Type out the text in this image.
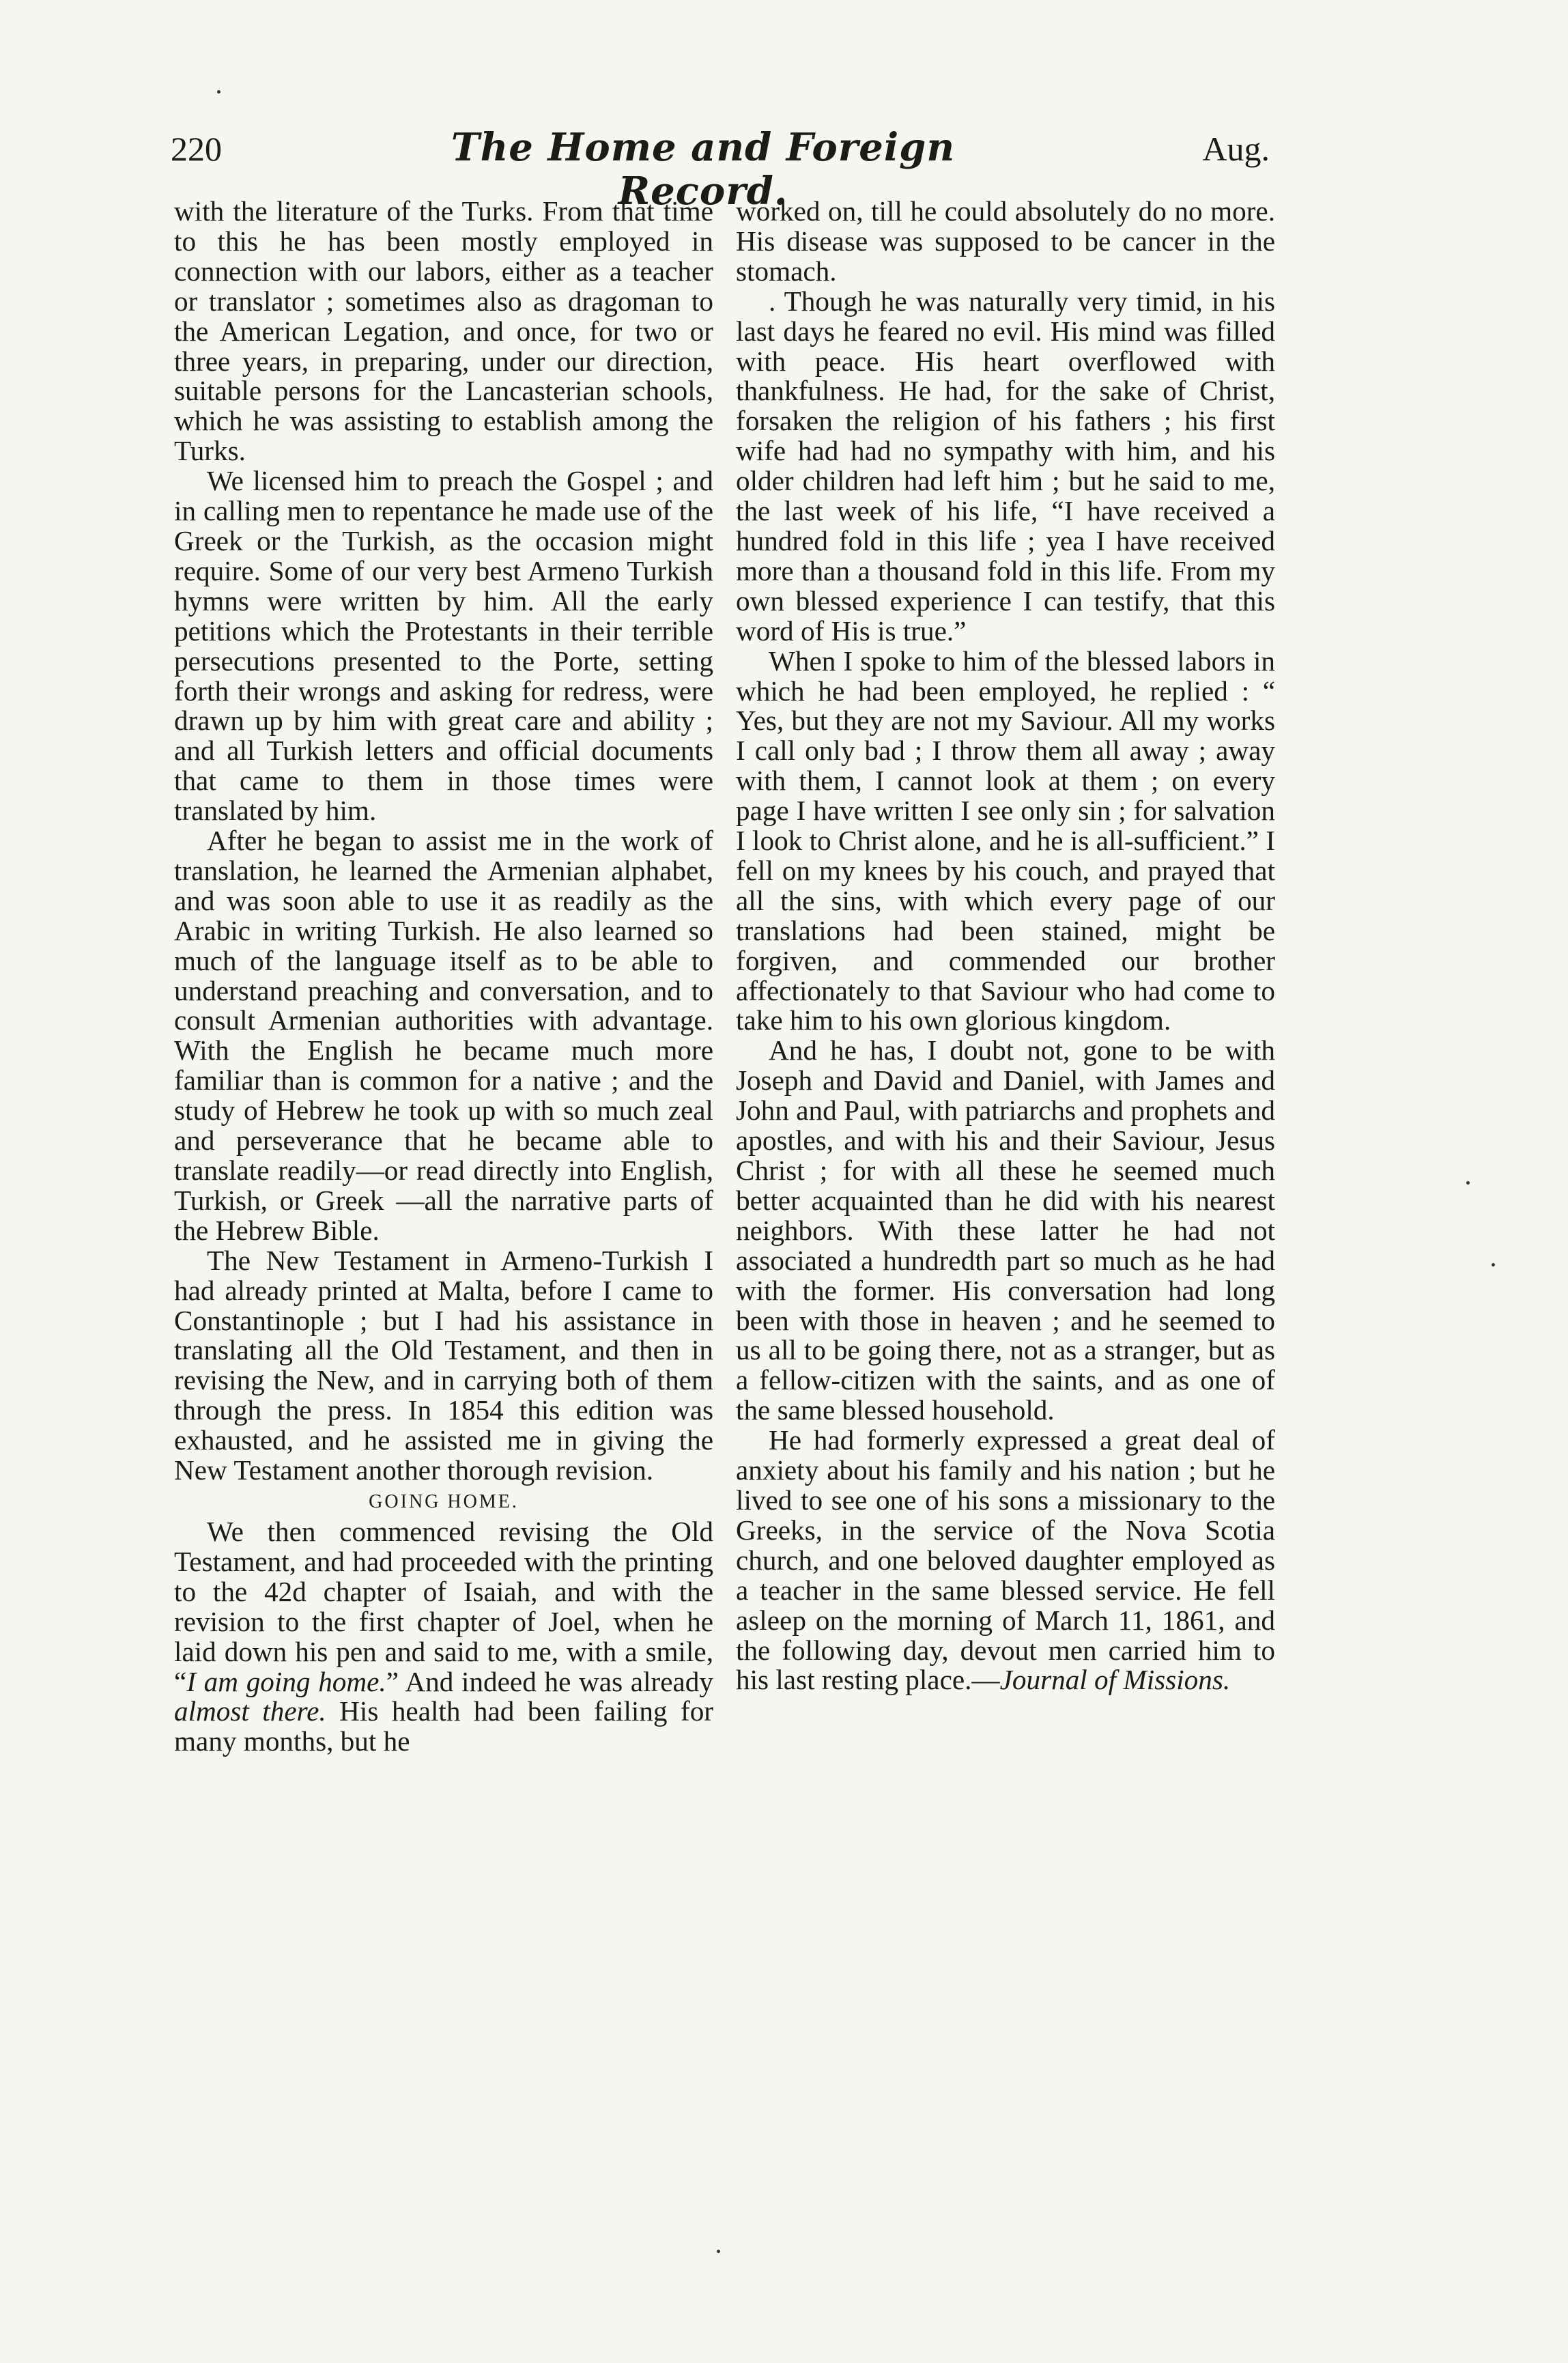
220	The Home and Foreign Record.
Aug.

with the literature of the Turks. From that time to this he has been mostly employed in connection with our labors, either as a teacher or translator ; sometimes also as dragoman to the American Legation, and once, for two or three years, in preparing, under our direction, suitable persons for the Lancasterian schools, which he was assisting to establish among the Turks.

We licensed him to preach the Gospel ; and in calling men to repentance he made use of the Greek or the Turkish, as the occasion might require. Some of our very best Armeno Turkish hymns were written by him. All the early petitions which the Protestants in their terrible persecutions presented to the Porte, setting forth their wrongs and asking for redress, were drawn up by him with great care and ability ; and all Turkish letters and official documents that came to them in those times were translated by him.

After he began to assist me in the work of translation, he learned the Armenian alphabet, and was soon able to use it as readily as the Arabic in writing Turkish. He also learned so much of the language itself as to be able to understand preaching and conversation, and to consult Armenian authorities with advantage. With the English he became much more familiar than is common for a native ; and the study of Hebrew he took up with so much zeal and perseverance that he became able to translate readily—or read directly into English, Turkish, or Greek —all the narrative parts of the Hebrew Bible.

The New Testament in Armeno-Turkish I had already printed at Malta, before I came to Constantinople ; but I had his assistance in translating all the Old Testament, and then in revising the New, and in carrying both of them through the press. In 1854 this edition was exhausted, and he assisted me in giving the New Testament another thorough revision.

GOING HOME.

We then commenced revising the Old Testament, and had proceeded with the printing to the 42d chapter of Isaiah, and with the revision to the first chapter of Joel, when he laid down his pen and said to me, with a smile, “I am going home.” And indeed he was already almost there. His health had been failing for many months, but he

worked on, till he could absolutely do no more. His disease was supposed to be cancer in the stomach.

. Though he was naturally very timid, in his last days he feared no evil. His mind was filled with peace. His heart overflowed with thankfulness. He had, for the sake of Christ, forsaken the religion of his fathers ; his first wife had had no sympathy with him, and his older children had left him ; but he said to me, the last week of his life, “I have received a hundred fold in this life ; yea I have received more than a thousand fold in this life. From my own blessed experience I can testify, that this word of His is true.”

When I spoke to him of the blessed labors in which he had been employed, he replied : “ Yes, but they are not my Saviour. All my works I call only bad ; I throw them all away ; away with them, I cannot look at them ; on every page I have written I see only sin ; for salvation I look to Christ alone, and he is all-sufficient.” I fell on my knees by his couch, and prayed that all the sins, with which every page of our translations had been stained, might be forgiven, and commended our brother affectionately to that Saviour who had come to take him to his own glorious kingdom.

And he has, I doubt not, gone to be with Joseph and David and Daniel, with James and John and Paul, with patriarchs and prophets and apostles, and with his and their Saviour, Jesus Christ ; for with all these he seemed much better acquainted than he did with his nearest neighbors. With these latter he had not associated a hundredth part so much as he had with the former. His conversation had long been with those in heaven ; and he seemed to us all to be going there, not as a stranger, but as a fellow-citizen with the saints, and as one of the same blessed household.

He had formerly expressed a great deal of anxiety about his family and his nation ; but he lived to see one of his sons a missionary to the Greeks, in the service of the Nova Scotia church, and one beloved daughter employed as a teacher in the same blessed service. He fell asleep on the morning of March 11, 1861, and the following day, devout men carried him to his last resting place.—Journal of Missions.
